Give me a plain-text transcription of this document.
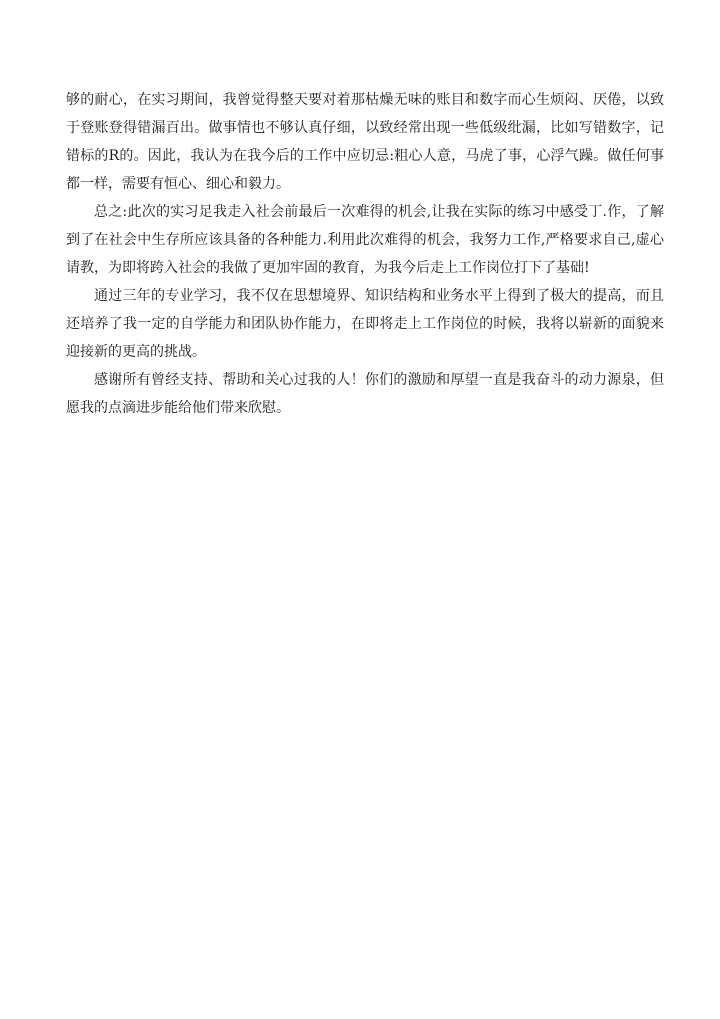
够的耐心，在实习期间，我曾觉得整天要对着那枯燥无味的账目和数字而心生烦闷、厌倦，以致于登账登得错漏百出。做事情也不够认真仔细，以致经常出现一些低级纰漏，比如写错数字，记错标的R的。因此，我认为在我今后的工作中应切忌:粗心人意，马虎了事，心浮气躁。做任何事都一样，需要有恒心、细心和毅力。

总之:此次的实习足我走入社会前最后一次难得的机会,让我在实际的练习中感受丁.作，了解到了在社会中生存所应该具备的各种能力.利用此次难得的机会，我努力工作,严格要求自己,虚心请教，为即将跨入社会的我做了更加牢固的教育，为我今后走上工作岗位打下了基础!

通过三年的专业学习，我不仅在思想境界、知识结构和业务水平上得到了极大的提高，而且还培养了我一定的自学能力和团队协作能力，在即将走上工作岗位的时候，我将以崭新的面貌来迎接新的更高的挑战。

感谢所有曾经支持、帮助和关心过我的人！你们的激励和厚望一直是我奋斗的动力源泉，但愿我的点滴进步能给他们带来欣慰。
